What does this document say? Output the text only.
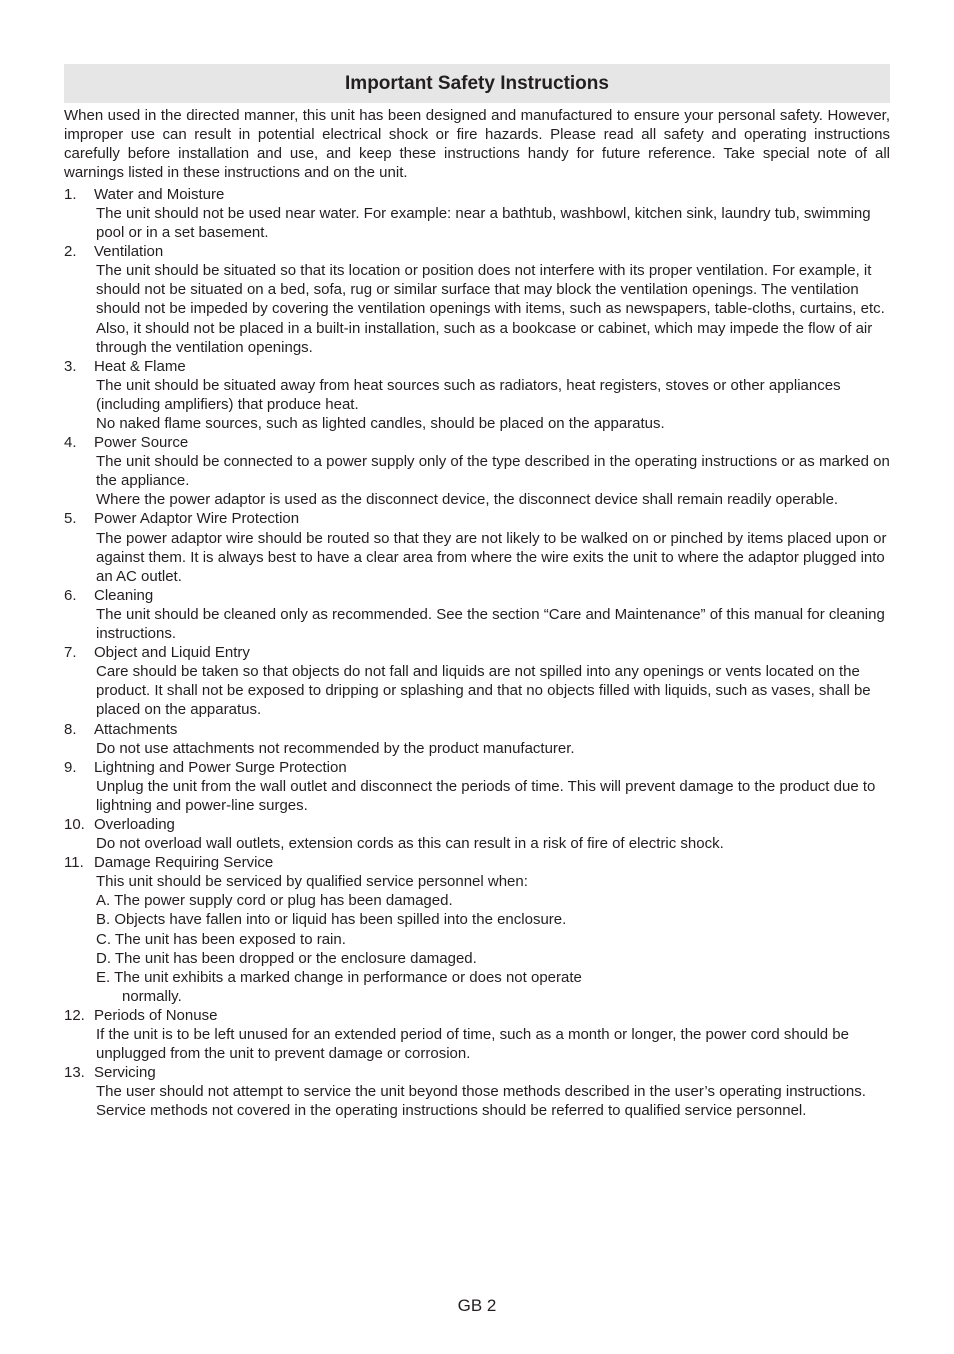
Important Safety Instructions

When used in the directed manner, this unit has been designed and manufactured to ensure your personal safety. However, improper use can result in potential electrical shock or fire hazards. Please read all safety and operating instructions carefully before installation and use, and keep these instructions handy for future reference. Take special note of all warnings listed in these instructions and on the unit.

1.	Water and Moisture

The unit should not be used near water. For example: near a bathtub, washbowl, kitchen sink, laundry tub, swimming pool or in a set basement.

2.	Ventilation

The unit should be situated so that its location or position does not interfere with its proper ventilation. For example, it should not be situated on a bed, sofa, rug or similar surface that may block the ventilation openings. The ventilation should not be impeded by covering the ventilation openings with items, such as newspapers, table-cloths, curtains, etc. Also, it should not be placed in a built-in installation, such as a bookcase or cabinet, which may impede the flow of air through the ventilation openings.

3.	Heat & Flame

The unit should be situated away from heat sources such as radiators, heat registers, stoves or other appliances (including amplifiers) that produce heat.

No naked flame sources, such as lighted candles, should be placed on the apparatus.

4.	Power Source

The unit should be connected to a power supply only of the type described in the operating instructions or as marked on the appliance.

Where the power adaptor is used as the disconnect device, the disconnect device shall remain readily operable.

5.	Power Adaptor Wire Protection

The power adaptor wire should be routed so that they are not likely to be walked on or pinched by items placed upon or against them. It is always best to have a clear area from where the wire exits the unit to where the adaptor plugged into an AC outlet.

6.	Cleaning

The unit should be cleaned only as recommended. See the section “Care and Maintenance” of this manual for cleaning instructions.

7.	Object and Liquid Entry

Care should be taken so that objects do not fall and liquids are not spilled into any openings or vents located on the product. It shall not be exposed to dripping or splashing and that no objects filled with liquids, such as vases, shall be placed on the apparatus.

8.	Attachments

Do not use attachments not recommended by the product manufacturer.

9.	Lightning and Power Surge Protection

Unplug the unit from the wall outlet and disconnect the periods of time. This will prevent damage to the product due to lightning and power-line surges.

10. Overloading

Do not overload wall outlets, extension cords as this can result in a risk of fire of electric shock.

11. Damage Requiring Service

This unit should be serviced by qualified service personnel when:

A. The power supply cord or plug has been damaged.
B. Objects have fallen into or liquid has been spilled into the enclosure.
C. The unit has been exposed to rain.
D. The unit has been dropped or the enclosure damaged.
E. The unit exhibits a marked change in performance or does not operate normally.
12. Periods of Nonuse

If the unit is to be left unused for an extended period of time, such as a month or longer, the power cord should be unplugged from the unit to prevent damage or corrosion.

13. Servicing

The user should not attempt to service the unit beyond those methods described in the user’s operating instructions. Service methods not covered in the operating instructions should be referred to qualified service personnel.

GB 2
